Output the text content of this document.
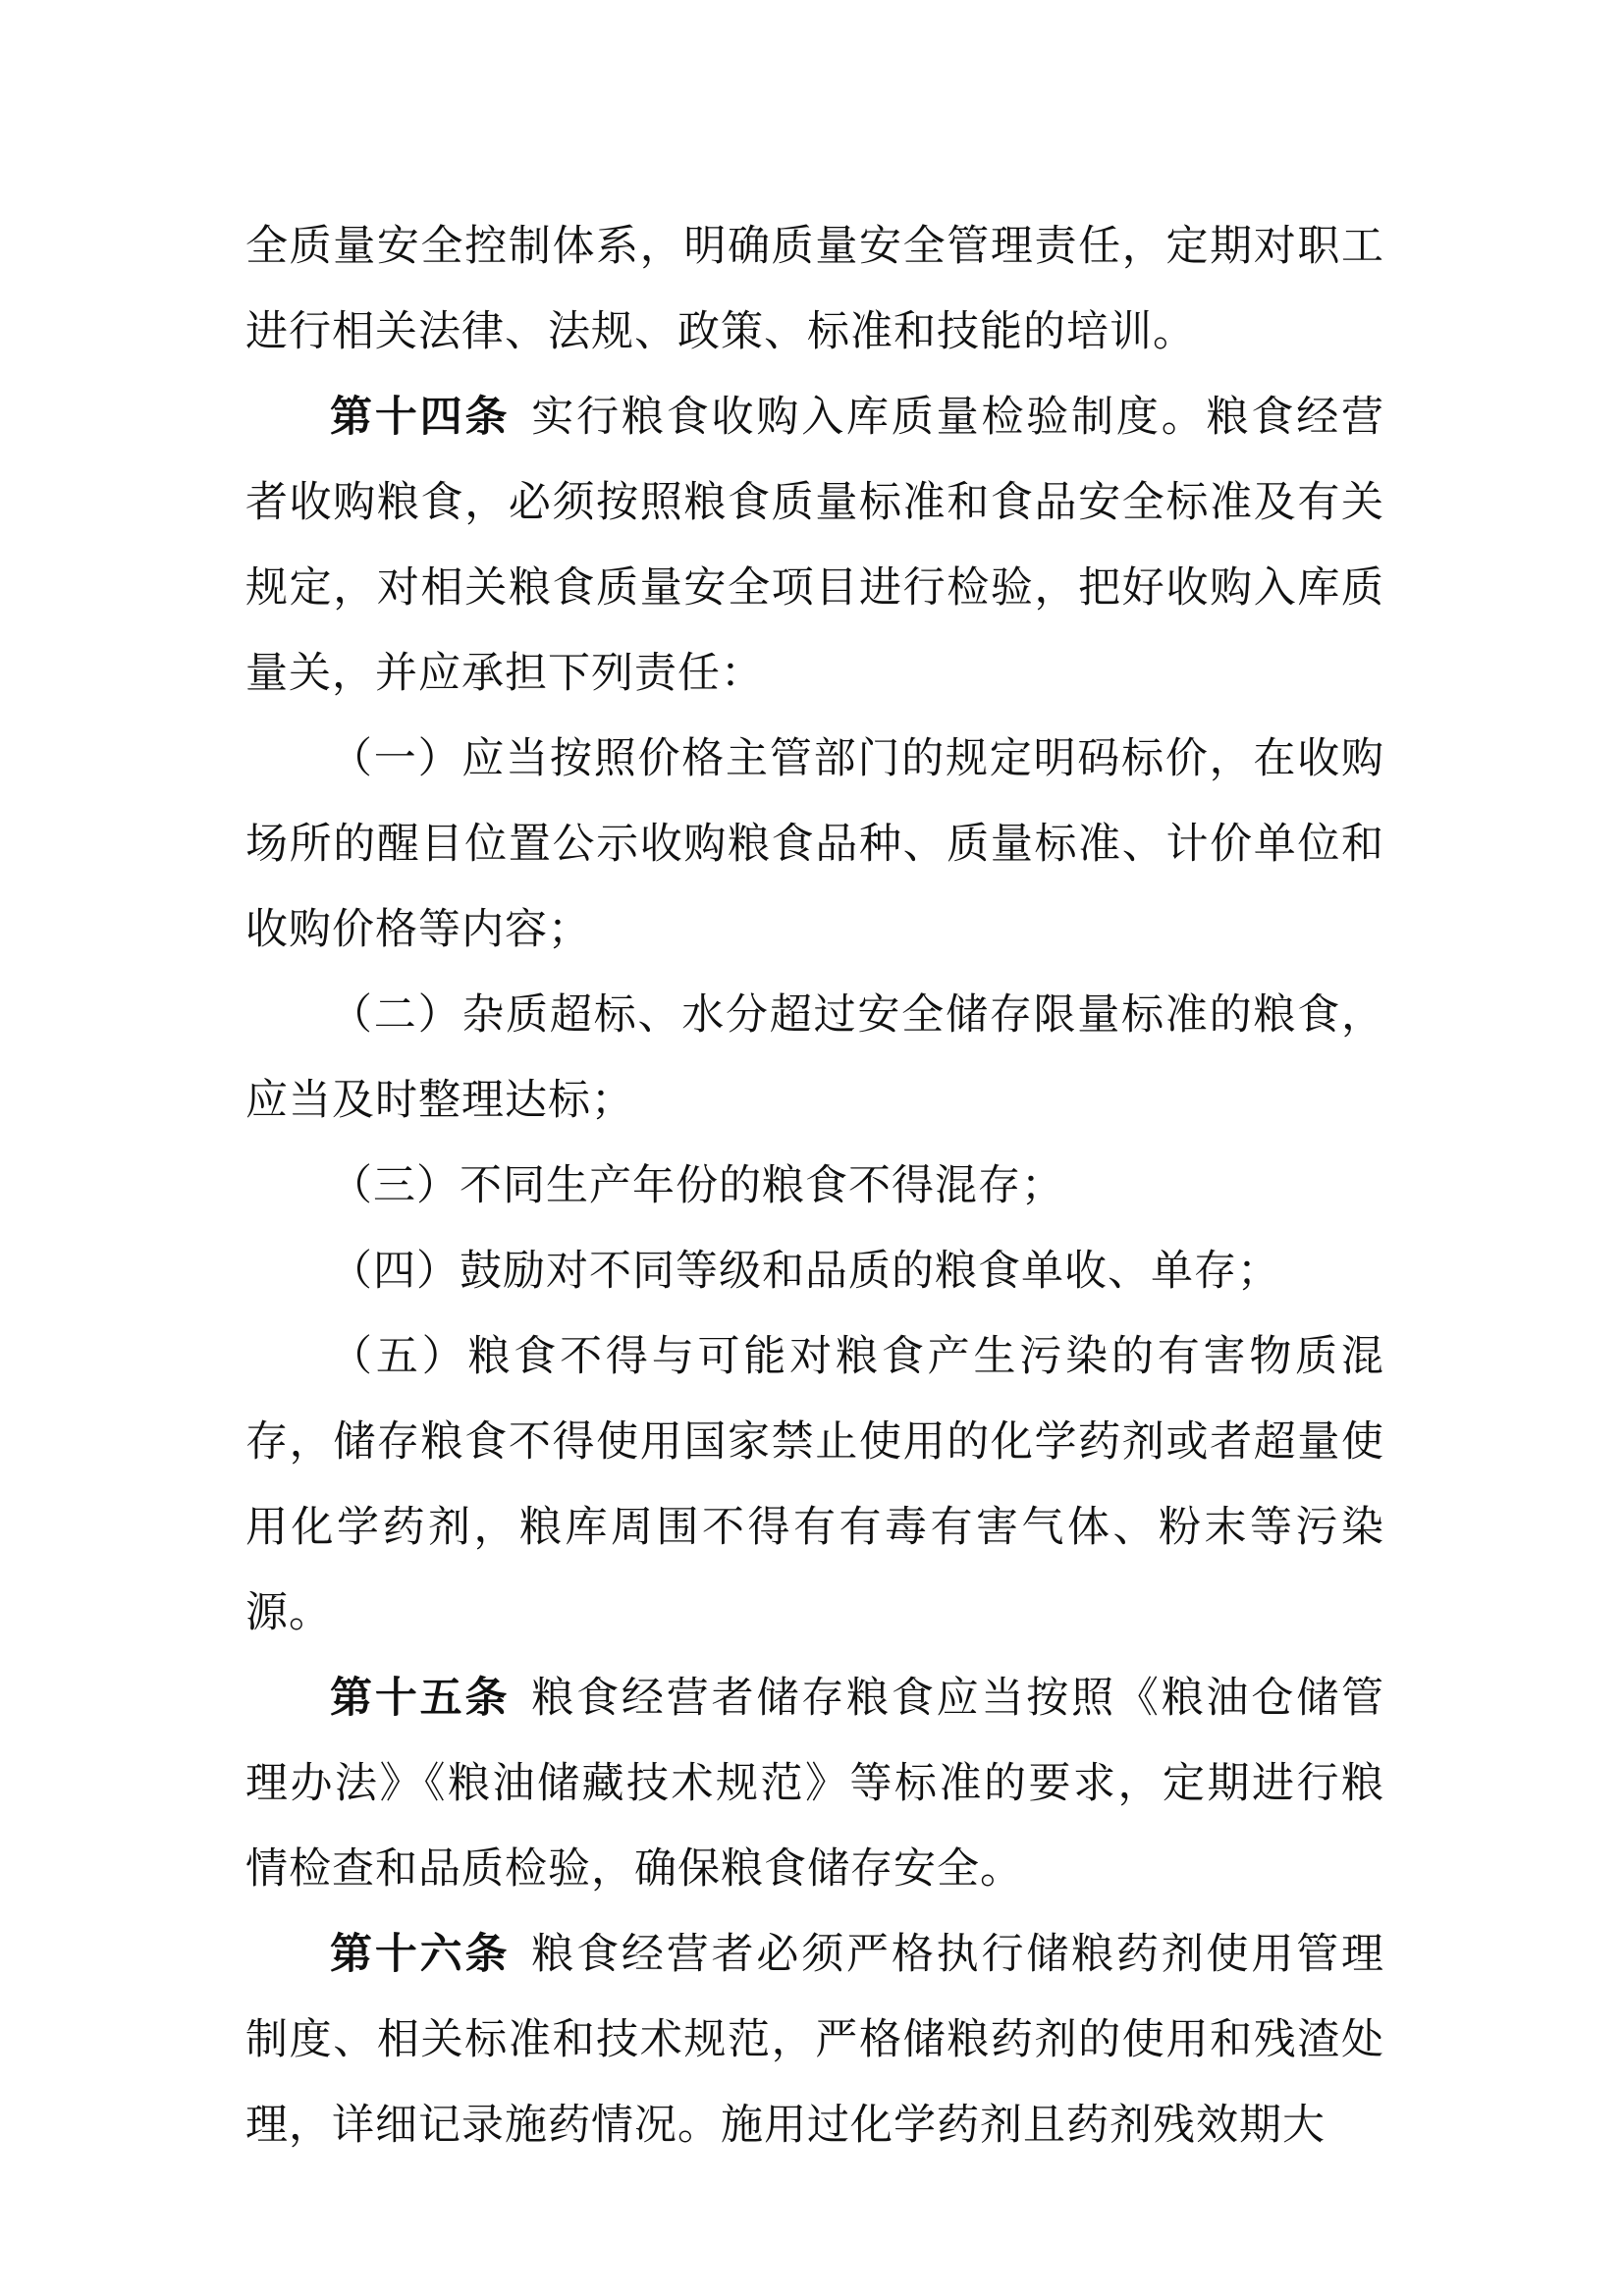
全质量安全控制体系，明确质量安全管理责任，定期对职工进行相关法律、法规、政策、标准和技能的培训。

第十四条 实行粮食收购入库质量检验制度。粮食经营者收购粮食，必须按照粮食质量标准和食品安全标准及有关规定，对相关粮食质量安全项目进行检验，把好收购入库质量关，并应承担下列责任：

（一）应当按照价格主管部门的规定明码标价，在收购场所的醒目位置公示收购粮食品种、质量标准、计价单位和收购价格等内容；

（二）杂质超标、水分超过安全储存限量标准的粮食，应当及时整理达标；

（三）不同生产年份的粮食不得混存；

（四）鼓励对不同等级和品质的粮食单收、单存；

（五）粮食不得与可能对粮食产生污染的有害物质混存，储存粮食不得使用国家禁止使用的化学药剂或者超量使用化学药剂，粮库周围不得有有毒有害气体、粉末等污染源。

第十五条 粮食经营者储存粮食应当按照《粮油仓储管理办法》《粮油储藏技术规范》等标准的要求，定期进行粮情检查和品质检验，确保粮食储存安全。

第十六条 粮食经营者必须严格执行储粮药剂使用管理制度、相关标准和技术规范，严格储粮药剂的使用和残渣处理，详细记录施药情况。施用过化学药剂且药剂残效期大
